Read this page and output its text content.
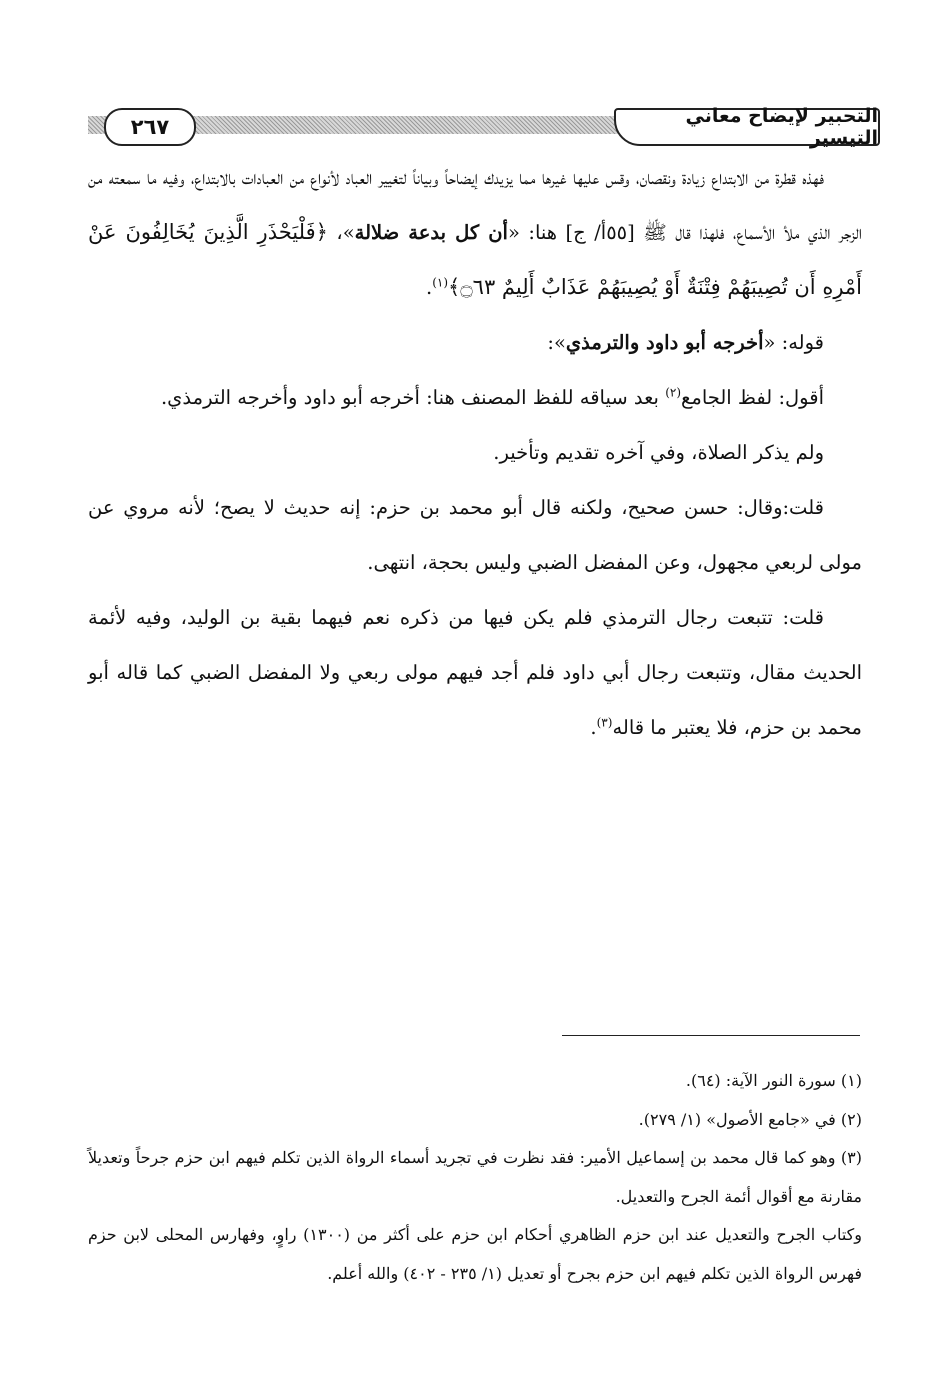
٢٦٧	التحبير لإيضاح معاني التيسير

فهذه قطرة من الابتداع زيادة ونقصان، وقس عليها غيرها مما يزيدك إيضاحاً وبياناً لتغيير العباد لأنواع من العبادات بالابتداع، وفيه ما سمعته من الزجر الذي ملأ الأسماع، فلهذا قال ﷺ [٥٥أ/ ج] هنا: «أن كل بدعة ضلالة»، ﴿فَلْيَحْذَرِ الَّذِينَ يُخَالِفُونَ عَنْ أَمْرِهِ أَن تُصِيبَهُمْ فِتْنَةٌ أَوْ يُصِيبَهُمْ عَذَابٌ أَلِيمٌ ۝٦٣﴾$^{(١)}$.

قوله: «أخرجه أبو داود والترمذي»:

أقول: لفظ الجامع$^{(٢)}$ بعد سياقه للفظ المصنف هنا: أخرجه أبو داود وأخرجه الترمذي.

ولم يذكر الصلاة، وفي آخره تقديم وتأخير.

قلت:وقال: حسن صحيح، ولكنه قال أبو محمد بن حزم: إنه حديث لا يصح؛ لأنه مروي عن مولى لربعي مجهول، وعن المفضل الضبي وليس بحجة، انتهى.

قلت: تتبعت رجال الترمذي فلم يكن فيها من ذكره نعم فيهما بقية بن الوليد، وفيه لأئمة الحديث مقال، وتتبعت رجال أبي داود فلم أجد فيهم مولى ربعي ولا المفضل الضبي كما قاله أبو محمد بن حزم، فلا يعتبر ما قاله$^{(٣)}$.

(١) سورة النور الآية: (٦٤).

(٢) في «جامع الأصول» (١/ ٢٧٩).

(٣) وهو كما قال محمد بن إسماعيل الأمير: فقد نظرت في تجريد أسماء الرواة الذين تكلم فيهم ابن حزم جرحاً وتعديلاً مقارنة مع أقوال أئمة الجرح والتعديل.

وكتاب الجرح والتعديل عند ابن حزم الظاهري أحكام ابن حزم على أكثر من (١٣٠٠) راوٍ، وفهارس المحلى لابن حزم فهرس الرواة الذين تكلم فيهم ابن حزم بجرح أو تعديل (١/ ٢٣٥ - ٤٠٢) والله أعلم.
